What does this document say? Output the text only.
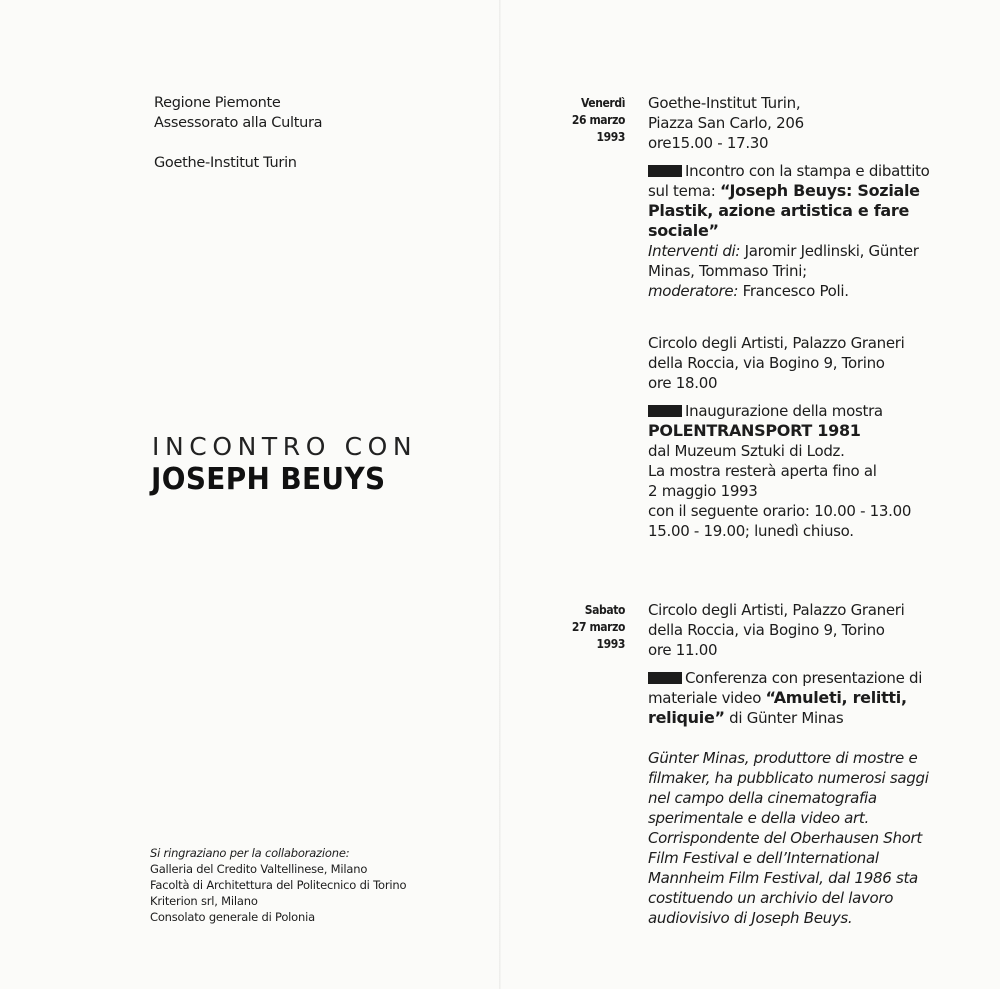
Regione Piemonte
Assessorato alla Cultura
Goethe-Institut Turin
INCONTRO CON
JOSEPH BEUYS
Si ringraziano per la collaborazione:
Galleria del Credito Valtellinese, Milano
Facoltà di Architettura del Politecnico di Torino
Kriterion srl, Milano
Consolato generale di Polonia
Venerdì
26 marzo
1993
Goethe-Institut Turin,
Piazza San Carlo, 206
ore15.00 - 17.30
Incontro con la stampa e dibattito sul tema: “Joseph Beuys: Soziale Plastik, azione artistica e fare sociale”
Interventi di: Jaromir Jedlinski, Günter Minas, Tommaso Trini;
moderatore: Francesco Poli.
Circolo degli Artisti, Palazzo Graneri
della Roccia, via Bogino 9, Torino
ore 18.00
Inaugurazione della mostra
POLENTRANSPORT 1981
dal Muzeum Sztuki di Lodz.
La mostra resterà aperta fino al
2 maggio 1993
con il seguente orario: 10.00 - 13.00
15.00 - 19.00; lunedì chiuso.
Sabato
27 marzo
1993
Circolo degli Artisti, Palazzo Graneri
della Roccia, via Bogino 9, Torino
ore 11.00
Conferenza con presentazione di materiale video “Amuleti, relitti, reliquie” di Günter Minas
Günter Minas, produttore di mostre e
filmaker, ha pubblicato numerosi saggi
nel campo della cinematografia
sperimentale e della video art.
Corrispondente del Oberhausen Short
Film Festival e dell’International
Mannheim Film Festival, dal 1986 sta
costituendo un archivio del lavoro
audiovisivo di Joseph Beuys.
